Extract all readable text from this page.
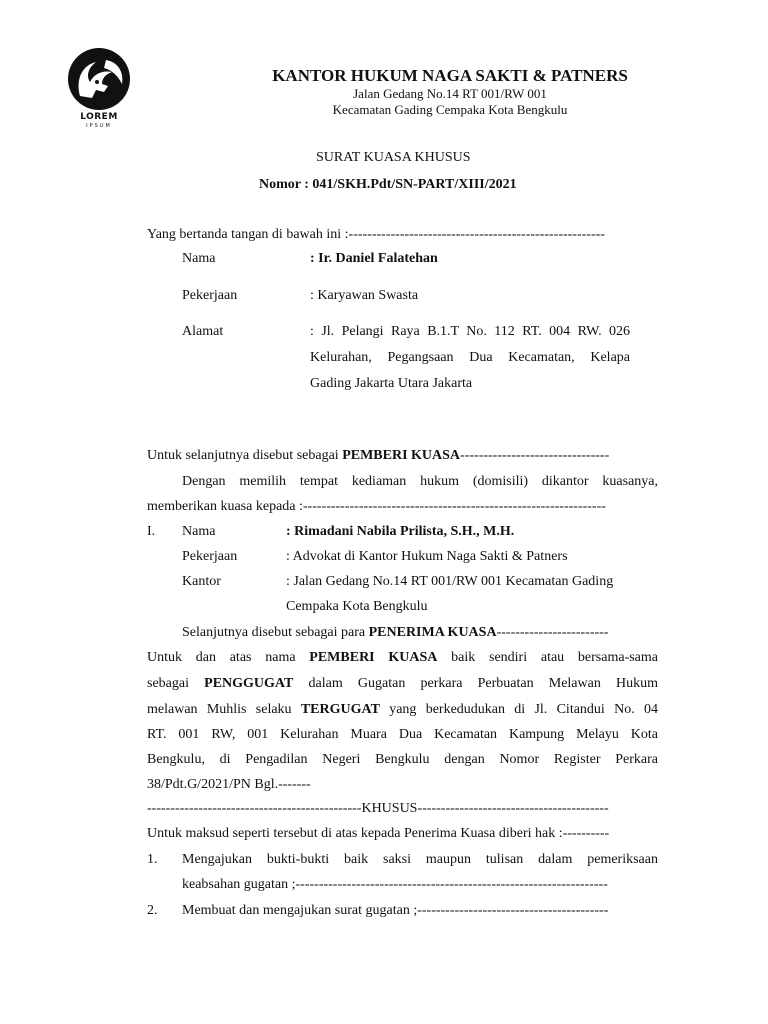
LOREM
IPSUM
KANTOR HUKUM NAGA SAKTI & PATNERS
Jalan Gedang No.14 RT 001/RW 001
Kecamatan Gading Cempaka Kota Bengkulu
SURAT KUASA KHUSUS
Nomor : 041/SKH.Pdt/SN-PART/XIII/2021
Yang bertanda tangan di bawah ini :-------------------------------------------------------
Nama	: Ir. Daniel Falatehan
Pekerjaan	: Karyawan Swasta
Alamat	: Jl. Pelangi Raya B.1.T No. 112 RT. 004 RW. 026
Kelurahan, Pegangsaan Dua Kecamatan, Kelapa
Gading Jakarta Utara Jakarta
Untuk selanjutnya disebut sebagai PEMBERI KUASA--------------------------------
Dengan memilih tempat kediaman hukum (domisili) dikantor kuasanya,
memberikan kuasa kepada :-----------------------------------------------------------------
I. Nama	: Rimadani Nabila Prilista, S.H., M.H.
Pekerjaan	: Advokat di Kantor Hukum Naga Sakti & Patners
Kantor	: Jalan Gedang No.14 RT 001/RW 001 Kecamatan Gading
Cempaka Kota Bengkulu
Selanjutnya disebut sebagai para PENERIMA KUASA------------------------
Untuk dan atas nama PEMBERI KUASA baik sendiri atau bersama-sama
sebagai PENGGUGAT dalam Gugatan perkara Perbuatan Melawan Hukum
melawan Muhlis selaku TERGUGAT yang berkedudukan di Jl. Citandui No. 04
RT. 001 RW, 001 Kelurahan Muara Dua Kecamatan Kampung Melayu Kota
Bengkulu, di Pengadilan Negeri Bengkulu dengan Nomor Register Perkara
38/Pdt.G/2021/PN Bgl.-------
----------------------------------------------KHUSUS-----------------------------------------
Untuk maksud seperti tersebut di atas kepada Penerima Kuasa diberi hak :----------
1. Mengajukan bukti-bukti baik saksi maupun tulisan dalam pemeriksaan
keabsahan gugatan ;-------------------------------------------------------------------
2. Membuat dan mengajukan surat gugatan ;-----------------------------------------
